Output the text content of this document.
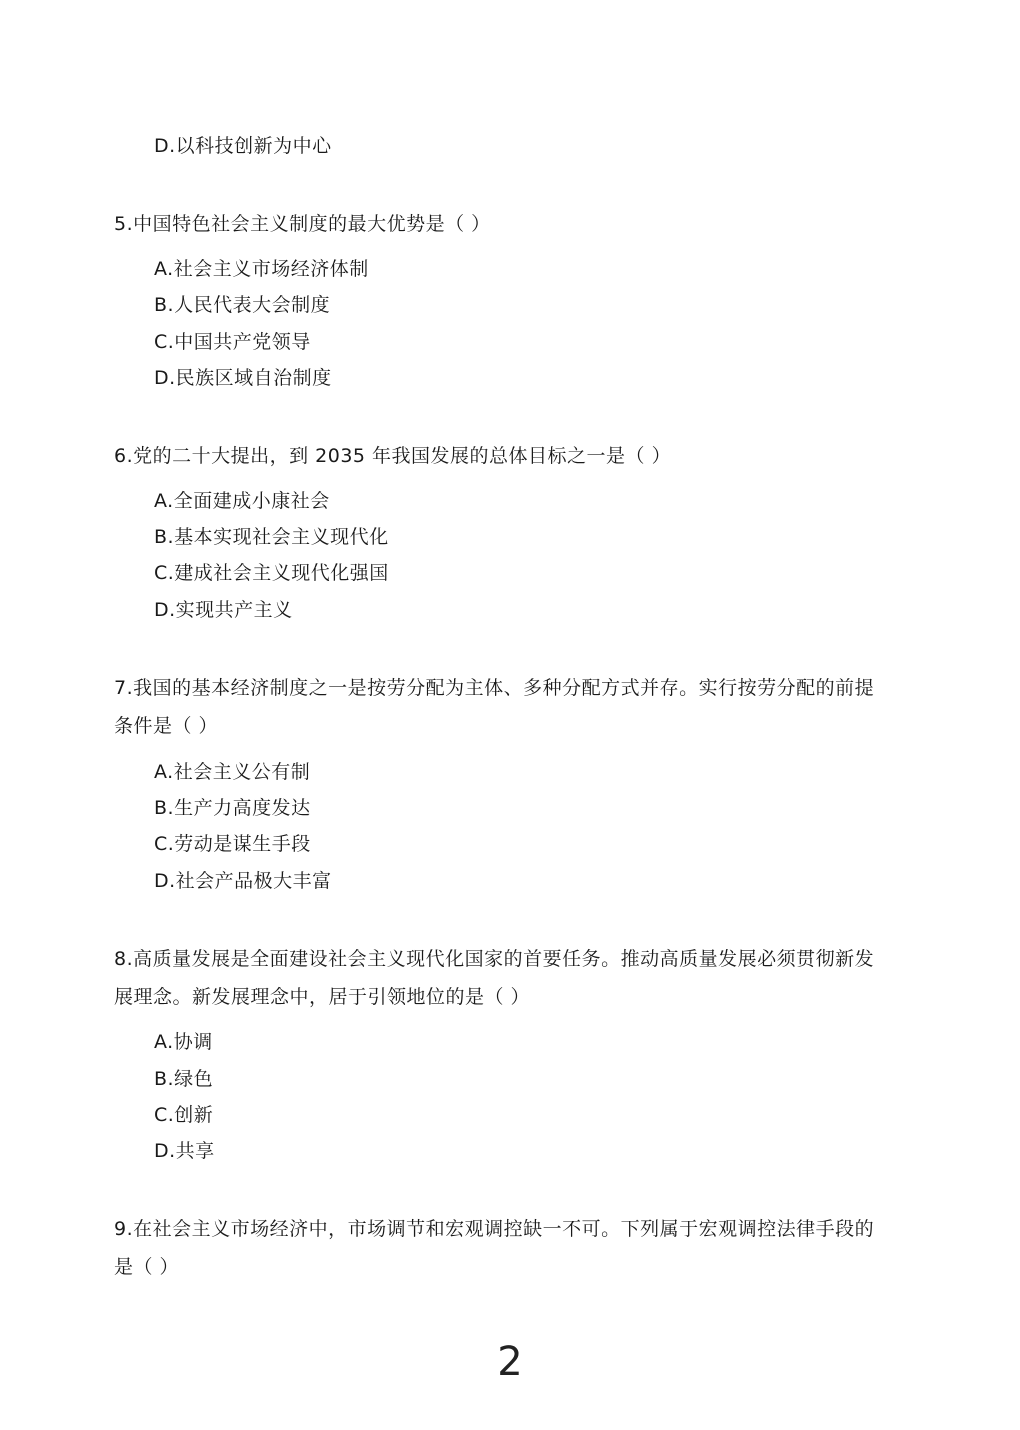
D.以科技创新为中心
5.中国特色社会主义制度的最大优势是（ ）
A.社会主义市场经济体制
B.人民代表大会制度
C.中国共产党领导
D.民族区域自治制度
6.党的二十大提出，到 2035 年我国发展的总体目标之一是（ ）
A.全面建成小康社会
B.基本实现社会主义现代化
C.建成社会主义现代化强国
D.实现共产主义
7.我国的基本经济制度之一是按劳分配为主体、多种分配方式并存。实行按劳分配的前提
条件是（ ）
A.社会主义公有制
B.生产力高度发达
C.劳动是谋生手段
D.社会产品极大丰富
8.高质量发展是全面建设社会主义现代化国家的首要任务。推动高质量发展必须贯彻新发
展理念。新发展理念中，居于引领地位的是（ ）
A.协调
B.绿色
C.创新
D.共享
9.在社会主义市场经济中，市场调节和宏观调控缺一不可。下列属于宏观调控法律手段的
是（ ）
2
